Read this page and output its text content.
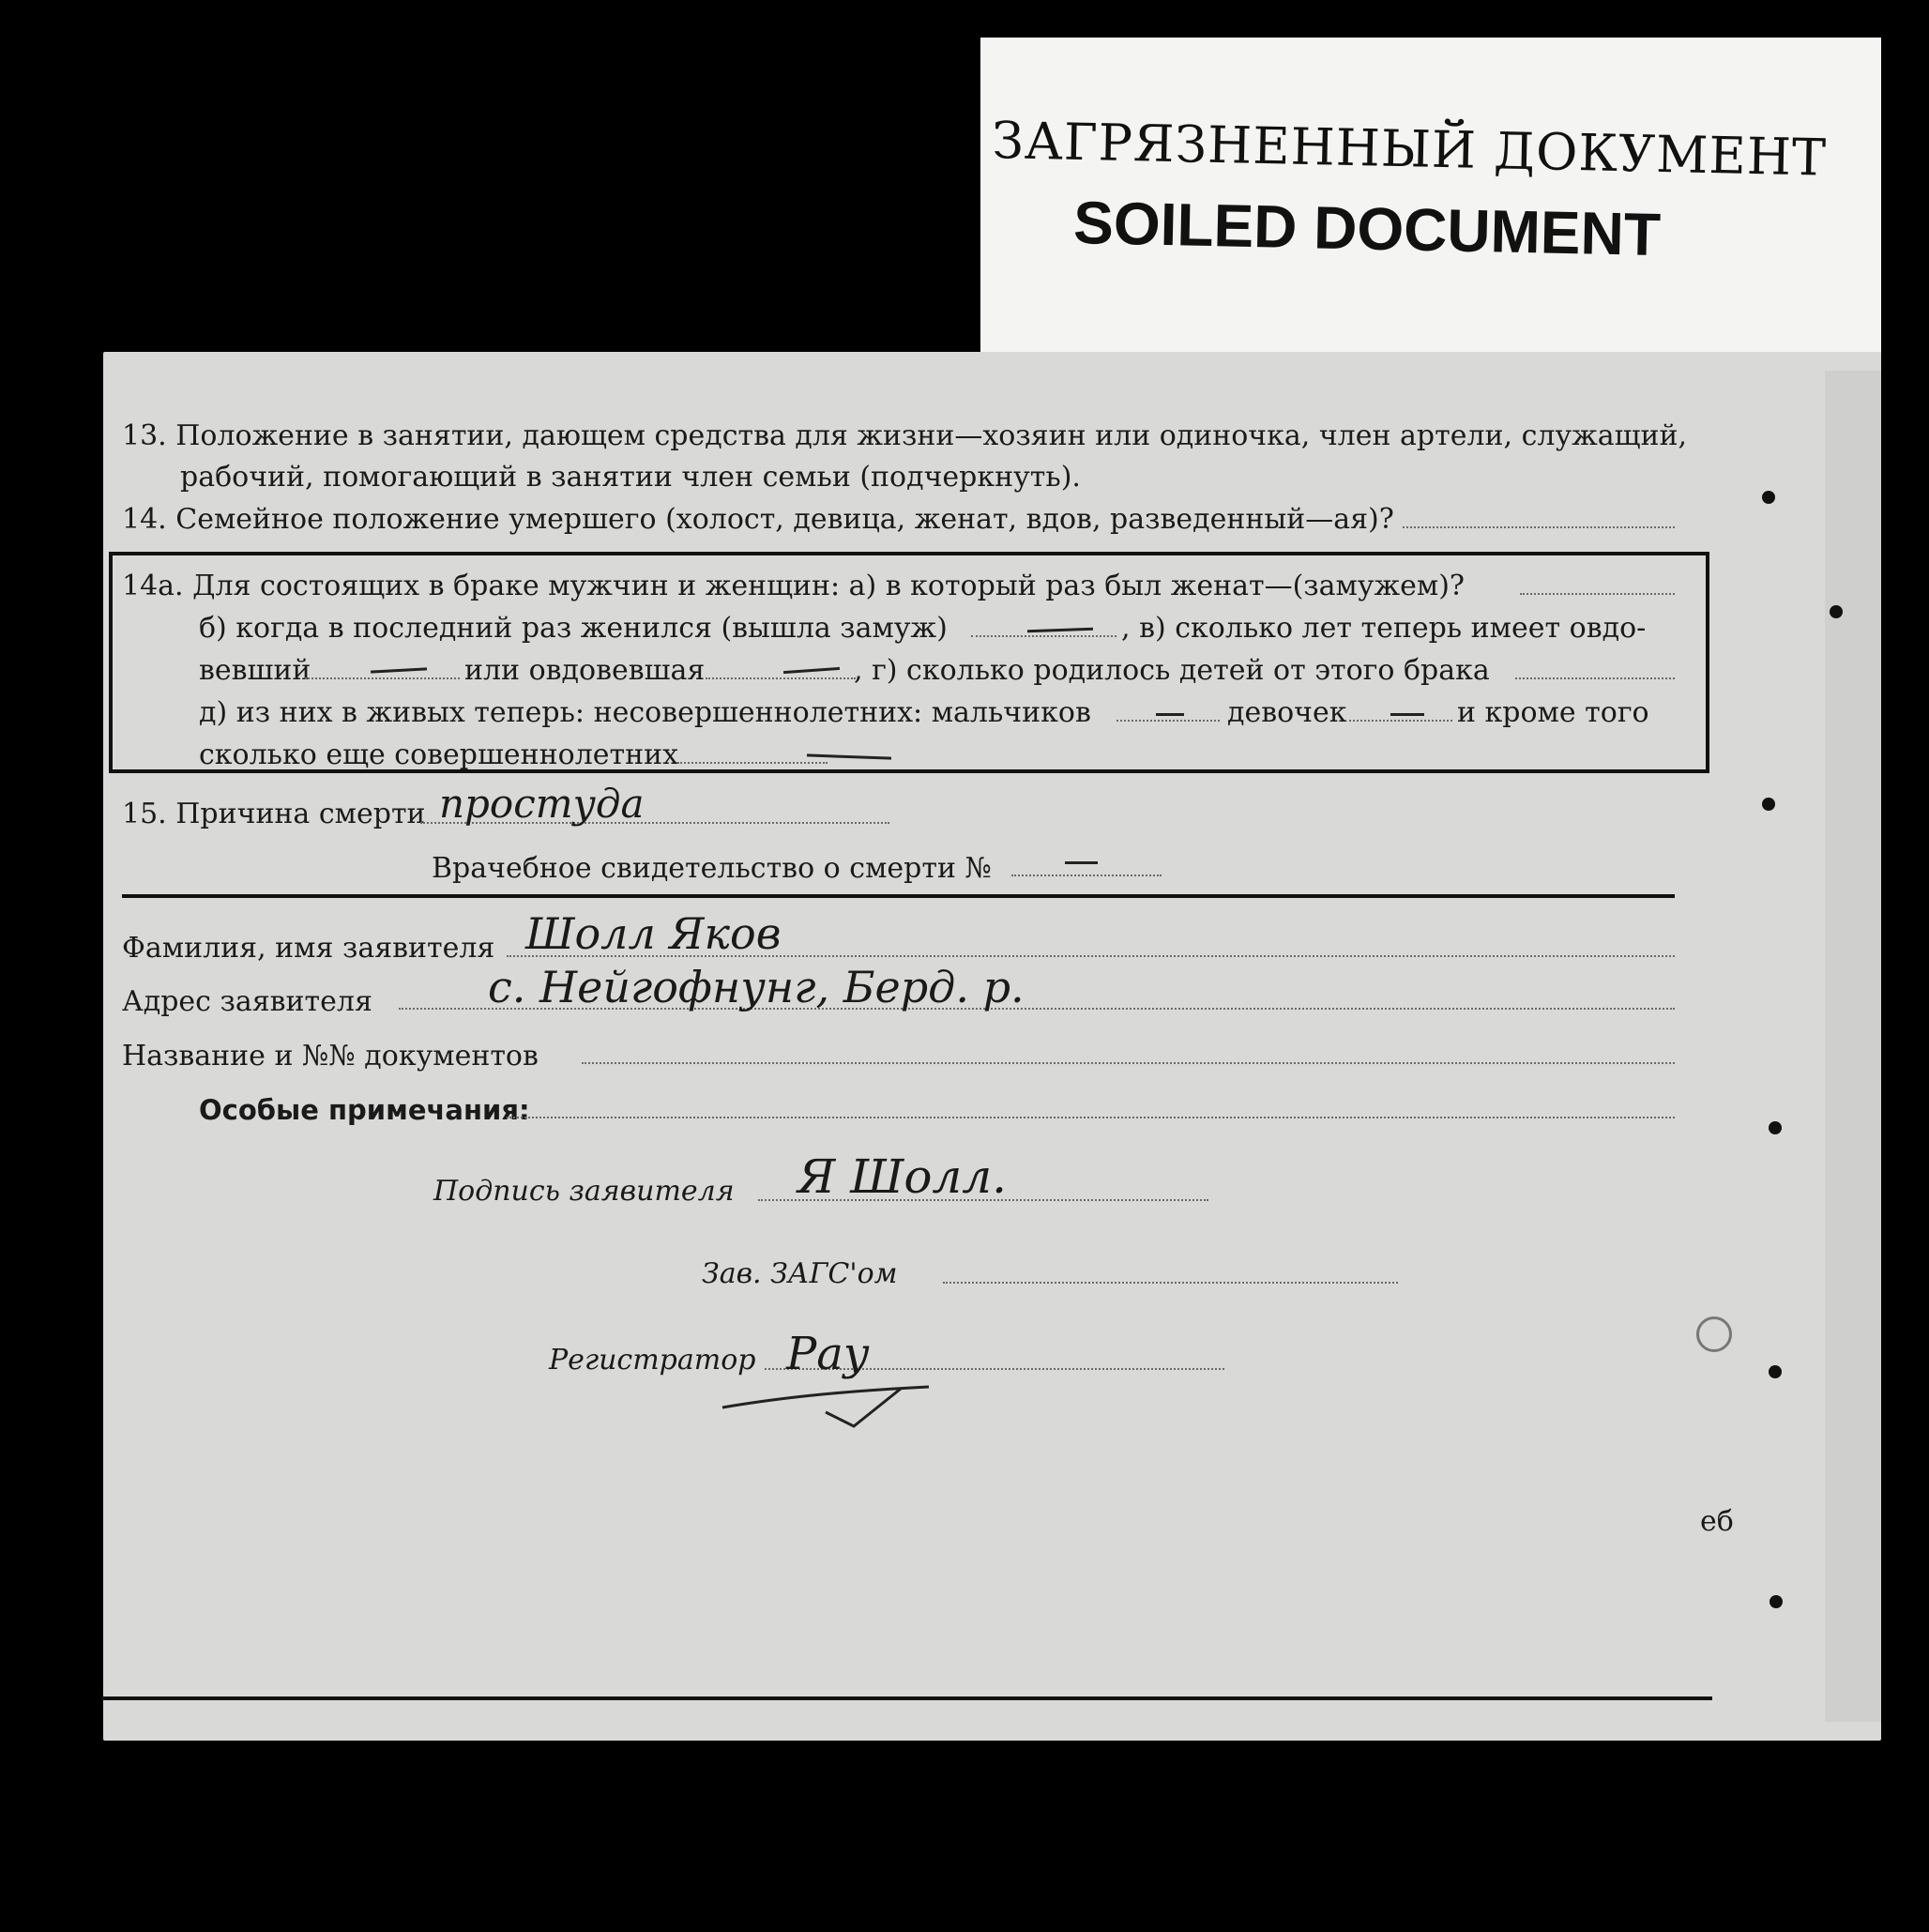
ЗАГРЯЗНЕННЫЙ ДОКУМЕНТ
SOILED DOCUMENT
13. Положение в занятии, дающем средства для жизни—хозяин или одиночка, член артели, служащий,
рабочий, помогающий в занятии член семьи (подчеркнуть).
14. Семейное положение умершего (холост, девица, женат, вдов, разведенный—ая)?
14а. Для состоящих в браке мужчин и женщин: а) в который раз был женат—(замужем)?
б) когда в последний раз женился (вышла замуж)	, в) сколько лет теперь имеет овдо-
вевший	или овдовевшая	, г) сколько родилось детей от этого брака
д) из них в живых теперь: несовершеннолетних: мальчиков	девочек	и кроме того
сколько еще совершеннолетних
15. Причина смерти простуда
Врачебное свидетельство о смерти №
Фамилия, имя заявителя Шолл Яков
Адрес заявителя	с. Нейгофнунг, Берд. р.
Название и №№ документов
Особые примечания:
Подпись заявителя Я Шолл.
Зав. ЗАГС'ом
Регистратор Рау
еб
